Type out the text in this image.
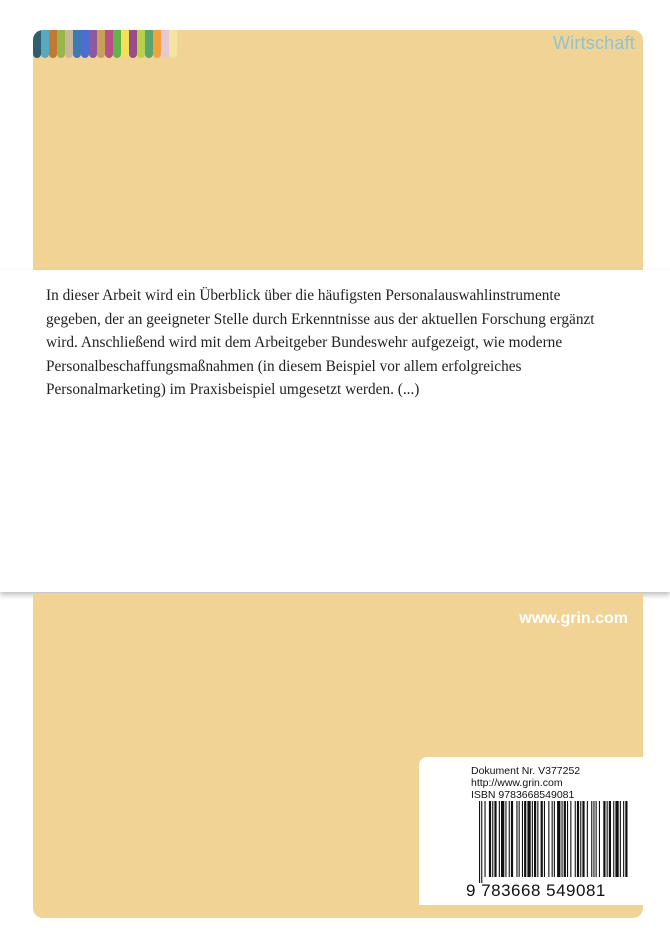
Wirtschaft
In dieser Arbeit wird ein Überblick über die häufigsten Personalauswahlinstrumente
gegeben, der an geeigneter Stelle durch Erkenntnisse aus der aktuellen Forschung ergänzt
wird. Anschließend wird mit dem Arbeitgeber Bundeswehr aufgezeigt, wie moderne
Personalbeschaffungsmaßnahmen (in diesem Beispiel vor allem erfolgreiches
Personalmarketing) im Praxisbeispiel umgesetzt werden. (...)
www.grin.com
Dokument Nr. V377252
http://www.grin.com
ISBN 9783668549081
9 783668 549081
